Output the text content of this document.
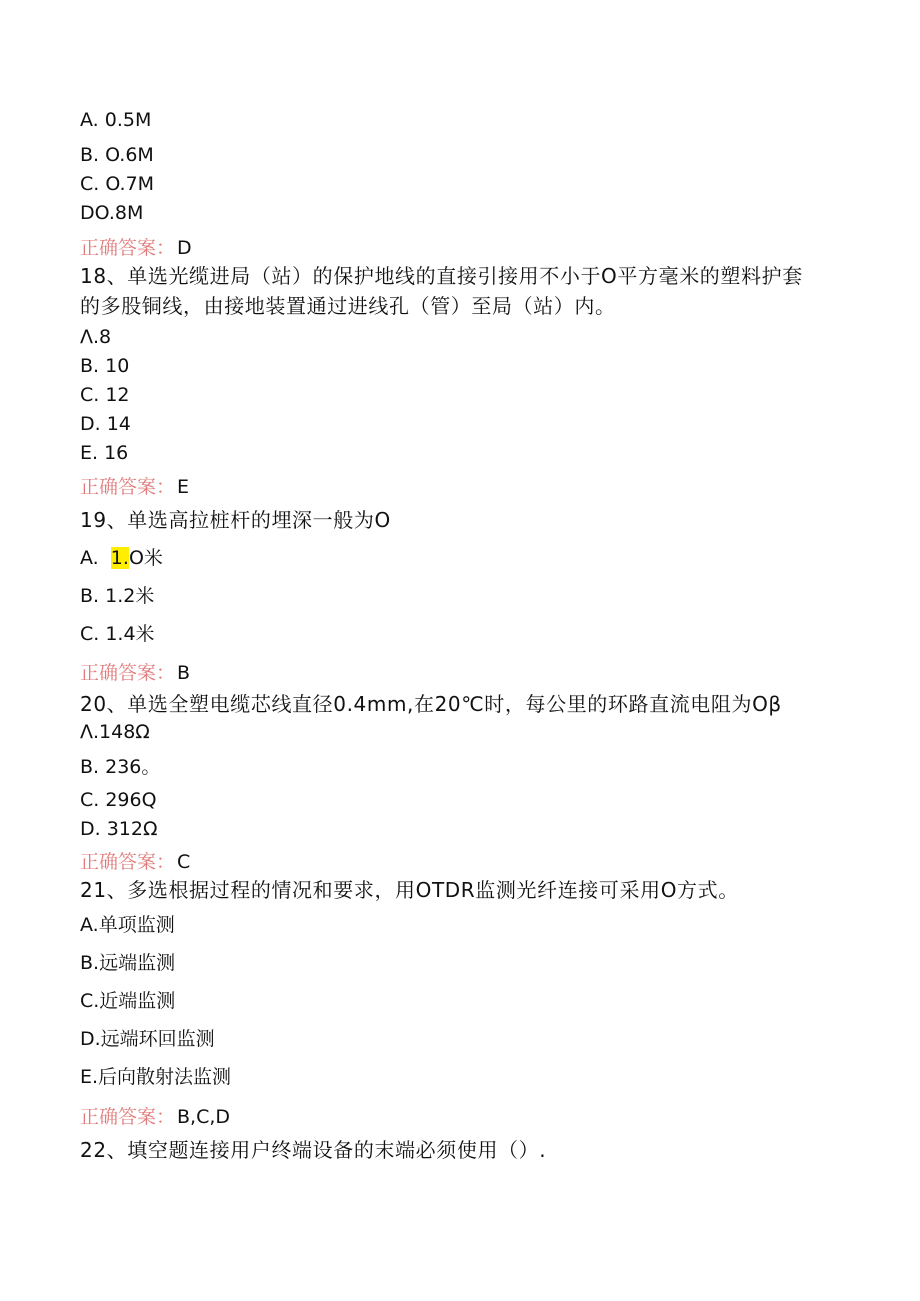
A. 0.5M
B. O.6M
C. O.7M
DO.8M
正确答案： D
18、单选光缆进局（站）的保护地线的直接引接用不小于O平方毫米的塑料护套
的多股铜线，由接地装置通过进线孔（管）至局（站）内。
Λ.8
B. 10
C. 12
D. 14
E. 16
正确答案： E
19、单选高拉桩杆的埋深一般为O
A.  1.O米
B. 1.2米
C. 1.4米
正确答案： B
20、单选全塑电缆芯线直径0.4mm,在20℃时，每公里的环路直流电阻为Oβ
Λ.148Ω
B. 236。
C. 296Q
D. 312Ω
正确答案： C
21、多选根据过程的情况和要求，用OTDR监测光纤连接可采用O方式。
A.单项监测
B.远端监测
C.近端监测
D.远端环回监测
E.后向散射法监测
正确答案： B,C,D
22、填空题连接用户终端设备的末端必须使用（）.
